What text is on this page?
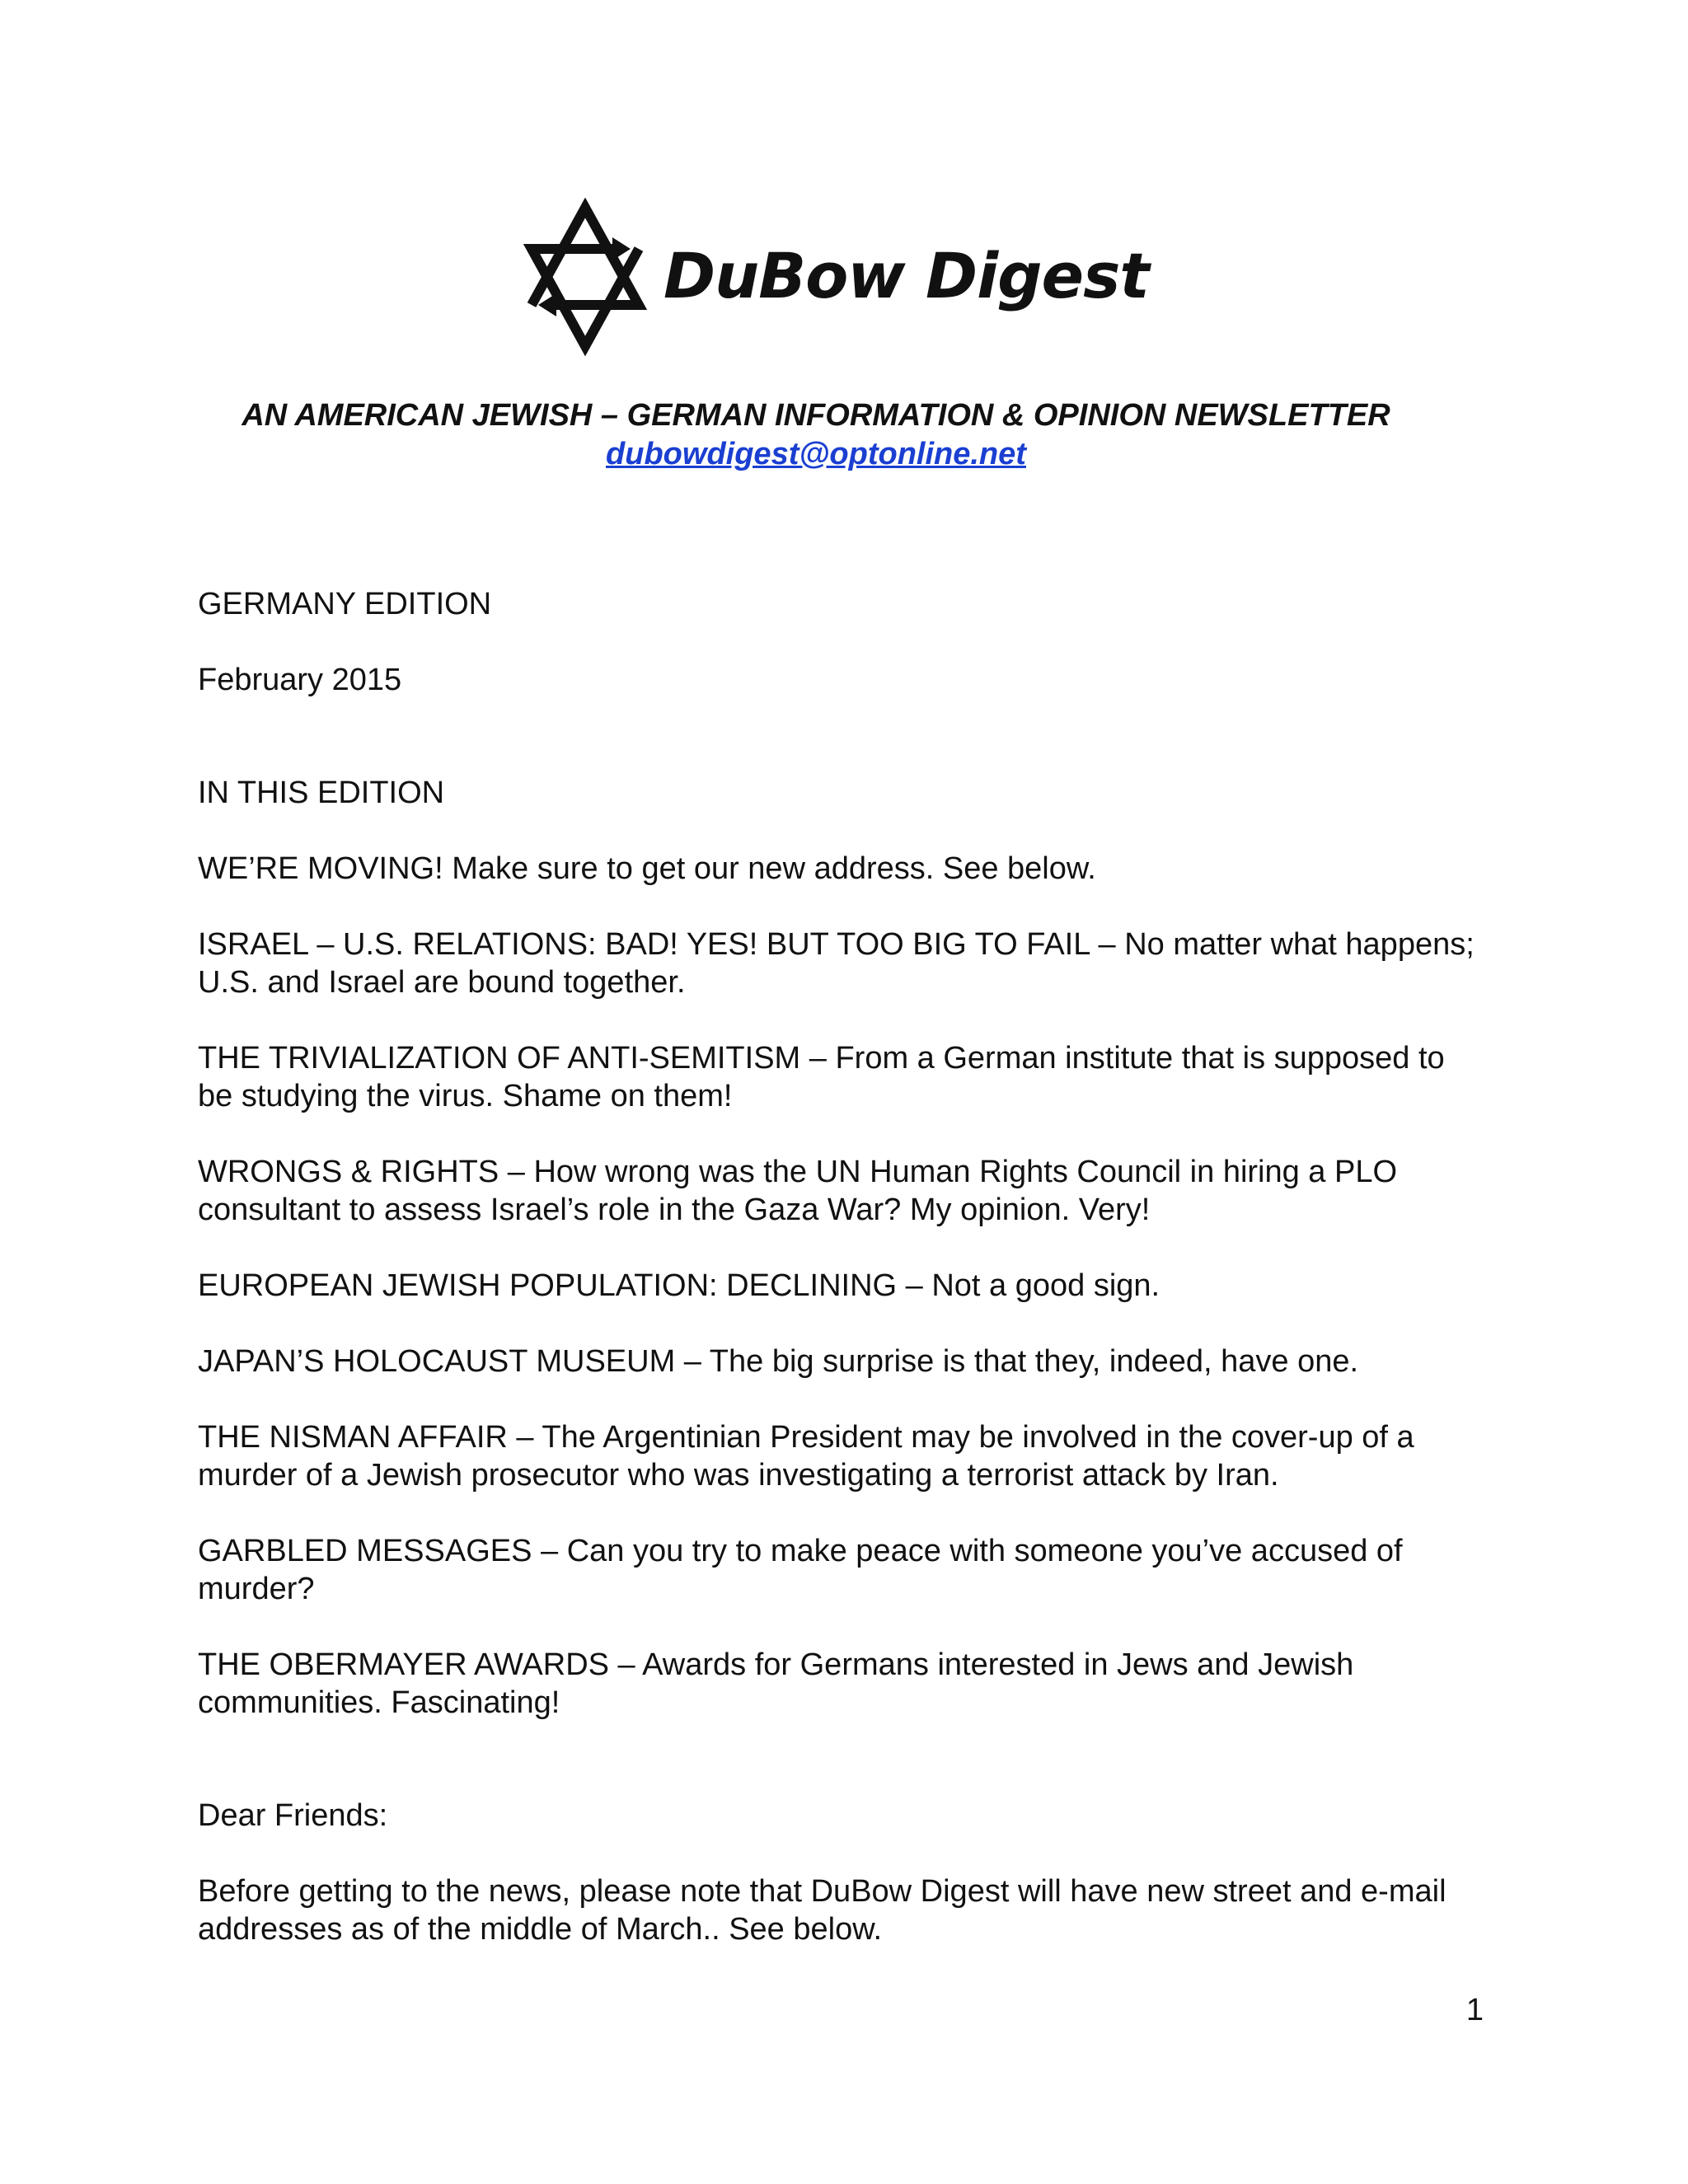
DuBow Digest
AN AMERICAN JEWISH – GERMAN INFORMATION & OPINION NEWSLETTER
dubowdigest@optonline.net

GERMANY EDITION

February 2015

IN THIS EDITION

WE’RE MOVING! Make sure to get our new address. See below.

ISRAEL – U.S. RELATIONS: BAD! YES! BUT TOO BIG TO FAIL – No matter what happens; U.S. and Israel are bound together.

THE TRIVIALIZATION OF ANTI-SEMITISM – From a German institute that is supposed to be studying the virus. Shame on them!

WRONGS & RIGHTS – How wrong was the UN Human Rights Council in hiring a PLO consultant to assess Israel’s role in the Gaza War? My opinion. Very!

EUROPEAN JEWISH POPULATION: DECLINING – Not a good sign.

JAPAN’S HOLOCAUST MUSEUM – The big surprise is that they, indeed, have one.

THE NISMAN AFFAIR – The Argentinian President may be involved in the cover-up of a murder of a Jewish prosecutor who was investigating a terrorist attack by Iran.

GARBLED MESSAGES – Can you try to make peace with someone you’ve accused of murder?

THE OBERMAYER AWARDS – Awards for Germans interested in Jews and Jewish communities. Fascinating!

Dear Friends:

Before getting to the news, please note that DuBow Digest will have new street and e-mail addresses as of the middle of March.. See below.

1
